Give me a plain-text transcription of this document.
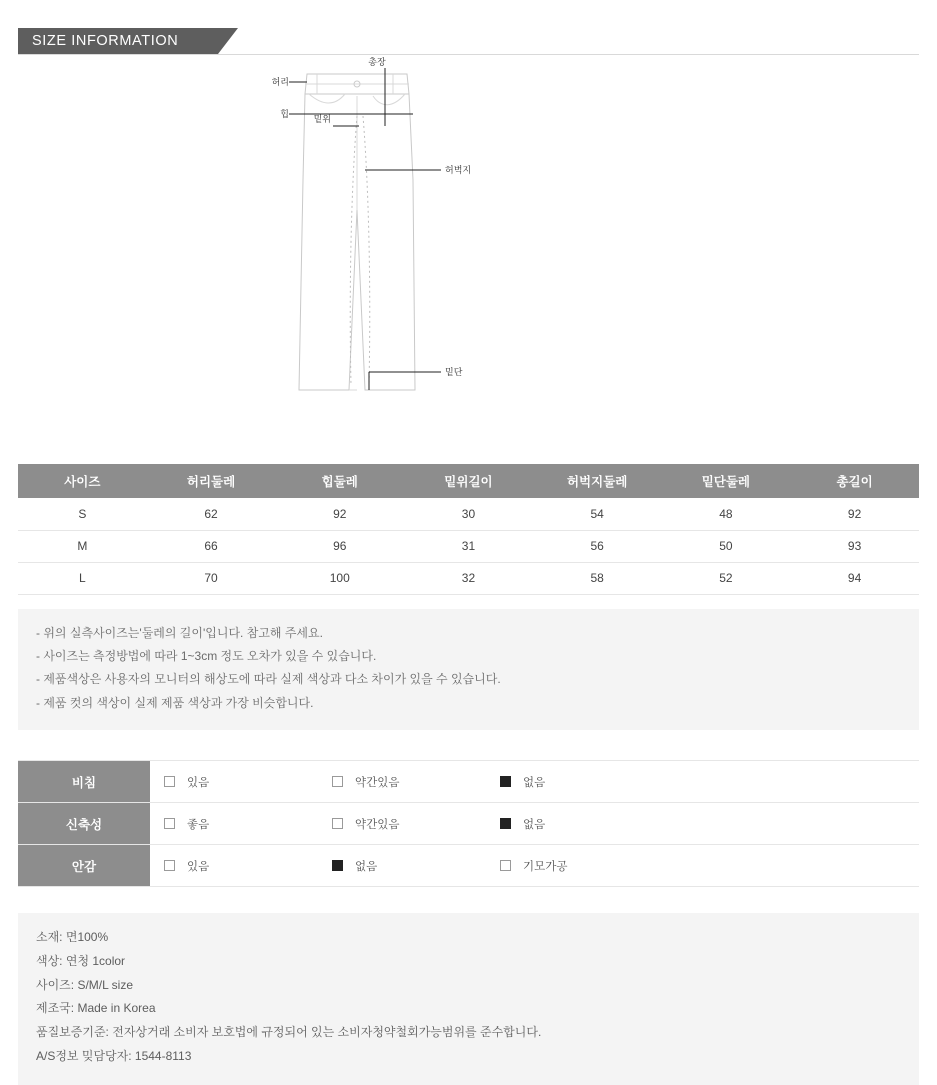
SIZE INFORMATION
총장
허리
힙	밑위
허벅지
밑단
사이즈	허리둘레	힙둘레	밑위길이	허벅지둘레	밑단둘레	총길이
S	62	92	30	54	48	92
M	66	96	31	56	50	93
L	70	100	32	58	52	94

- 위의 실측사이즈는'둘레의 길이'입니다. 참고해 주세요.

- 사이즈는 측정방법에 따라 1~3cm 정도 오차가 있을 수 있습니다.

- 제품색상은 사용자의 모니터의 해상도에 따라 실제 색상과 다소 차이가 있을 수 있습니다.

- 제품 컷의 색상이 실제 제품 색상과 가장 비슷합니다.

비침	있음 약간있음 없음

신축성	좋음 약간있음 없음

안감	있음 없음 기모가공

소재: 면100%

색상: 연청 1color

사이즈: S/M/L size

제조국: Made in Korea

품질보증기준: 전자상거래 소비자 보호법에 규정되어 있는 소비자청약철회가능범위를 준수합니다.

A/S정보 밎담당자: 1544-8113
